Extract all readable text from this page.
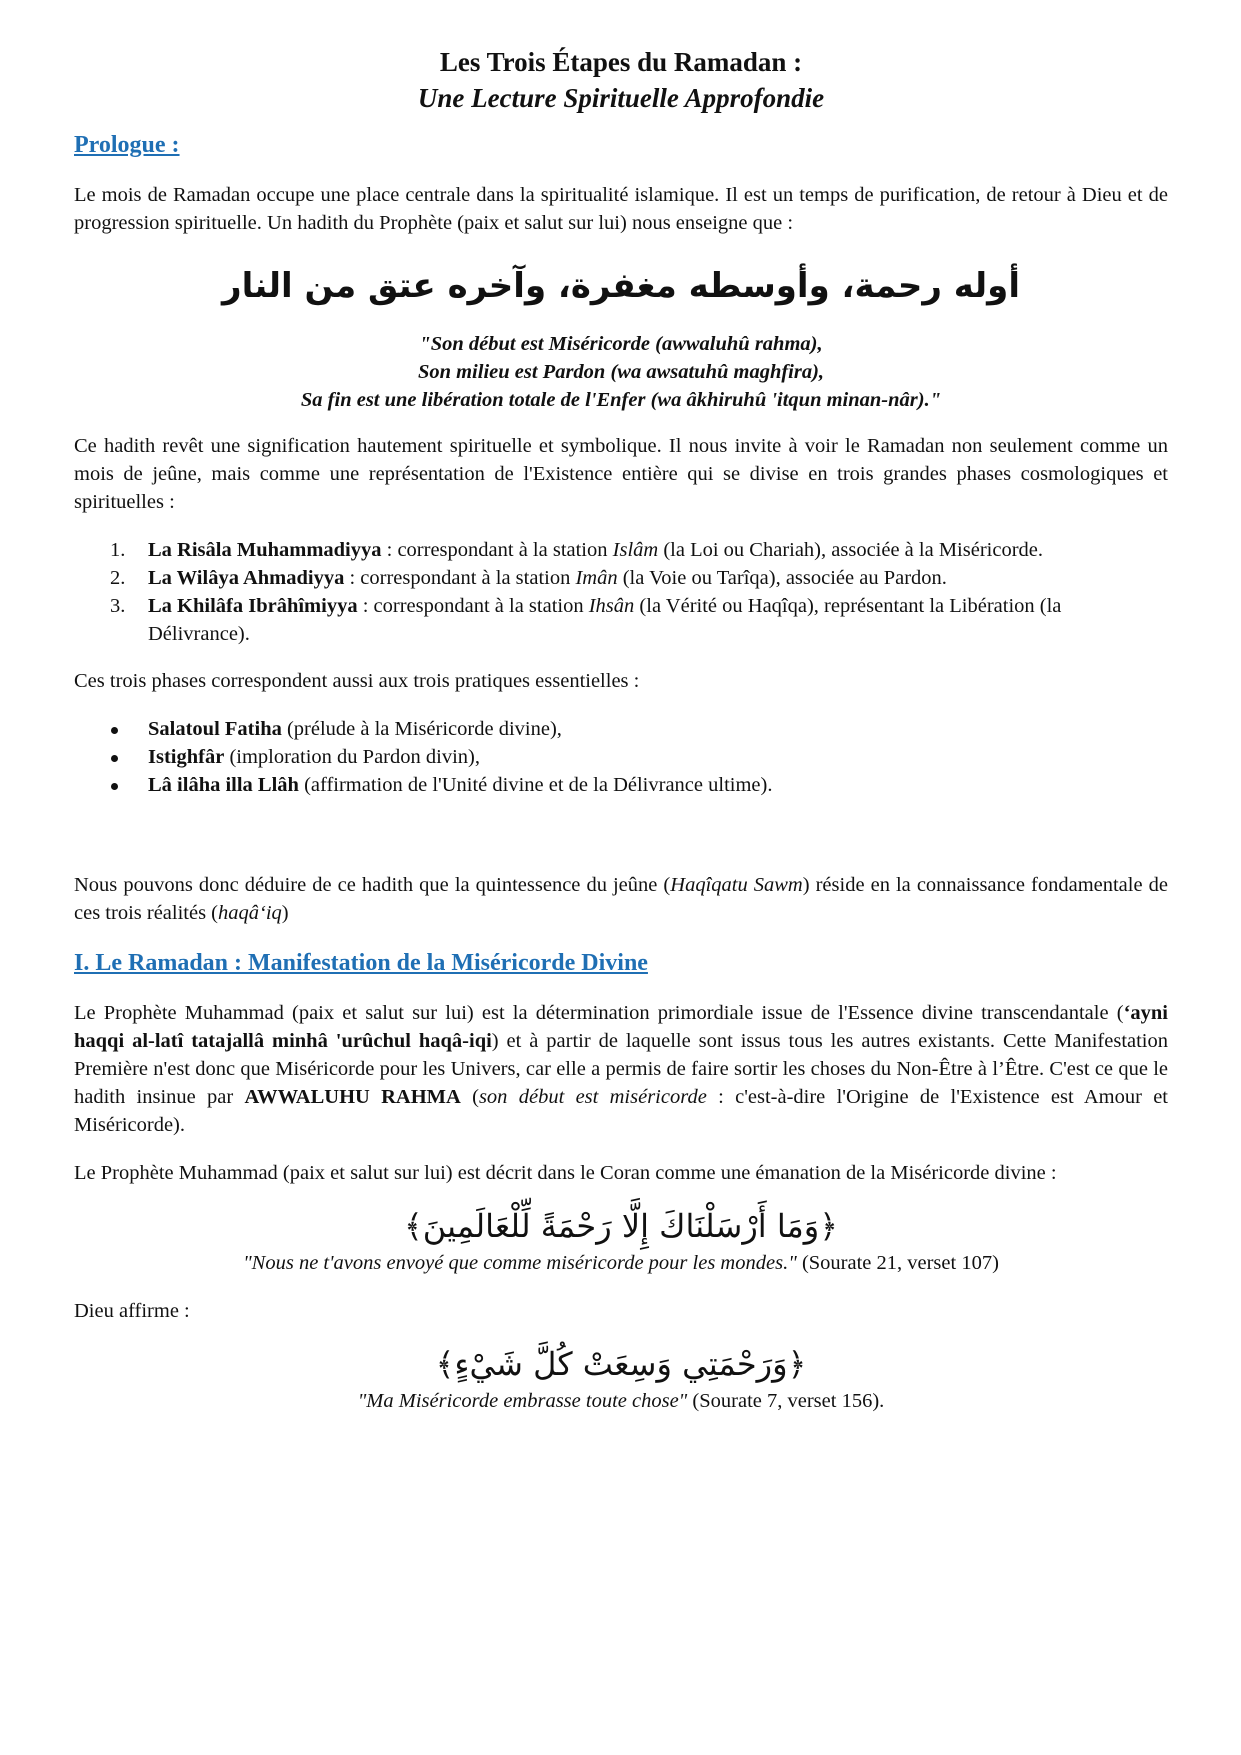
Les Trois Étapes du Ramadan :

Une Lecture Spirituelle Approfondie

Prologue :

Le mois de Ramadan occupe une place centrale dans la spiritualité islamique. Il est un temps de purification, de retour à Dieu et de progression spirituelle. Un hadith du Prophète (paix et salut sur lui) nous enseigne que :

أوله رحمة، وأوسطه مغفرة، وآخره عتق من النار

"Son début est Miséricorde (awwaluhû rahma),

Son milieu est Pardon (wa awsatuhû maghfira),

Sa fin est une libération totale de l'Enfer (wa âkhiruhû 'itqun minan-nâr)."

Ce hadith revêt une signification hautement spirituelle et symbolique. Il nous invite à voir le Ramadan non seulement comme un mois de jeûne, mais comme une représentation de l'Existence entière qui se divise en trois grandes phases cosmologiques et spirituelles :

1. La Risâla Muhammadiyya : correspondant à la station Islâm (la Loi ou Chariah), associée à la Miséricorde.
2. La Wilâya Ahmadiyya : correspondant à la station Imân (la Voie ou Tarîqa), associée au Pardon.
3. La Khilâfa Ibrâhîmiyya : correspondant à la station Ihsân (la Vérité ou Haqîqa), représentant la Libération (la Délivrance).

Ces trois phases correspondent aussi aux trois pratiques essentielles :

Salatoul Fatiha (prélude à la Miséricorde divine),
Istighfâr (imploration du Pardon divin),
Lâ ilâha illa Llâh (affirmation de l'Unité divine et de la Délivrance ultime).

Nous pouvons donc déduire de ce hadith que la quintessence du jeûne (Haqîqatu Sawm) réside en la connaissance fondamentale de ces trois réalités (haqâ‘iq)

I. Le Ramadan : Manifestation de la Miséricorde Divine

Le Prophète Muhammad (paix et salut sur lui) est la détermination primordiale issue de l'Essence divine transcendantale (‘ayni haqqi al-latî tatajallâ minhâ 'urûchul haqâ-iqi) et à partir de laquelle sont issus tous les autres existants. Cette Manifestation Première n'est donc que Miséricorde pour les Univers, car elle a permis de faire sortir les choses du Non-Être à l’Être. C'est ce que le hadith insinue par AWWALUHU RAHMA (son début est miséricorde : c'est-à-dire l'Origine de l'Existence est Amour et Miséricorde).

Le Prophète Muhammad (paix et salut sur lui) est décrit dans le Coran comme une émanation de la Miséricorde divine :

﴿وَمَا أَرْسَلْنَاكَ إِلَّا رَحْمَةً لِّلْعَالَمِينَ﴾

"Nous ne t'avons envoyé que comme miséricorde pour les mondes." (Sourate 21, verset 107)

Dieu affirme :

﴿وَرَحْمَتِي وَسِعَتْ كُلَّ شَيْءٍ﴾

"Ma Miséricorde embrasse toute chose" (Sourate 7, verset 156).
